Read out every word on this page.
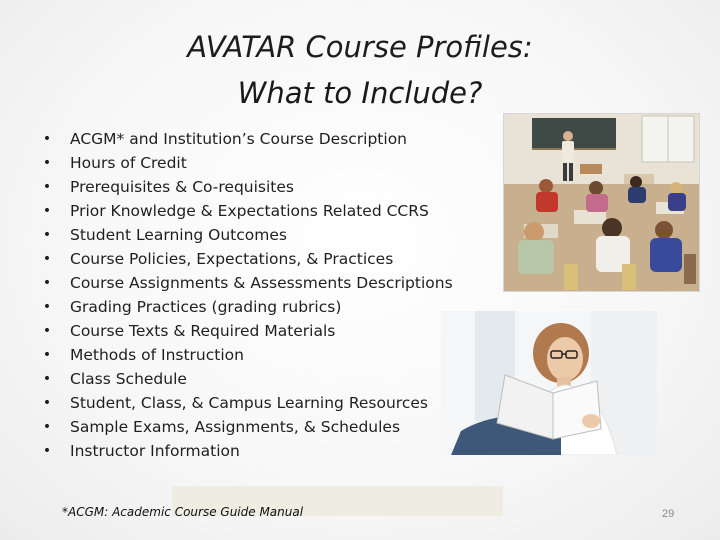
AVATAR Course Profiles:
What to Include?
• ACGM* and Institution’s Course Description
• Hours of Credit
• Prerequisites & Co-requisites
• Prior Knowledge & Expectations Related CCRS
• Student Learning Outcomes
• Course Policies, Expectations, & Practices
• Course Assignments & Assessments Descriptions
• Grading Practices (grading rubrics)
• Course Texts & Required Materials
• Methods of Instruction
• Class Schedule
• Student, Class, & Campus Learning Resources
• Sample Exams, Assignments, & Schedules
• Instructor Information
*ACGM: Academic Course Guide Manual	29
